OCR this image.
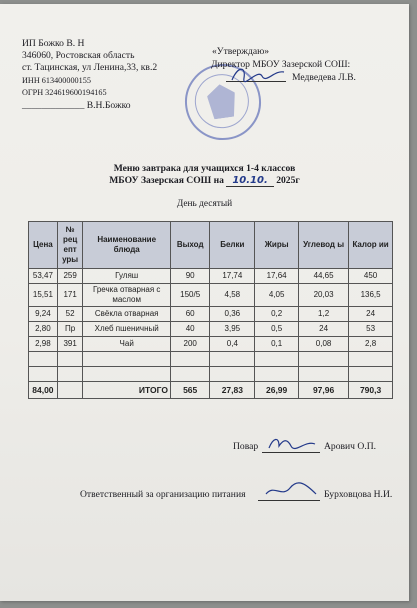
ИП Божко В. Н
346060, Ростовская область
ст. Тацинская, ул Ленина,33, кв.2
ИНН 613400000155
ОГРН 324619600194165
_____________ В.Н.Божко
«Утверждаю»
Директор МБОУ Зазерской СОШ:
Медведева Л.В.
Меню завтрака для учащихся 1-4 классов
МБОУ Зазерская СОШ на 10.10. 2025г
День десятый
Цена	№ рец епт уры	Наименование блюда	Выход	Белки	Жиры	Углевод ы	Калор ии
53,47	259	Гуляш	90	17,74	17,64	44,65	450
15,51	171	Гречка отварная с маслом	150/5	4,58	4,05	20,03	136,5
9,24	52	Свёкла отварная	60	0,36	0,2	1,2	24
2,80	Пр	Хлеб пшеничный	40	3,95	0,5	24	53
2,98	391	Чай	200	0,4	0,1	0,08	2,8

84,00		ИТОГО	565	27,83	26,99	97,96	790,3
Повар	Арович О.П.
Ответственный за организацию питания	Бурховцова Н.И.
